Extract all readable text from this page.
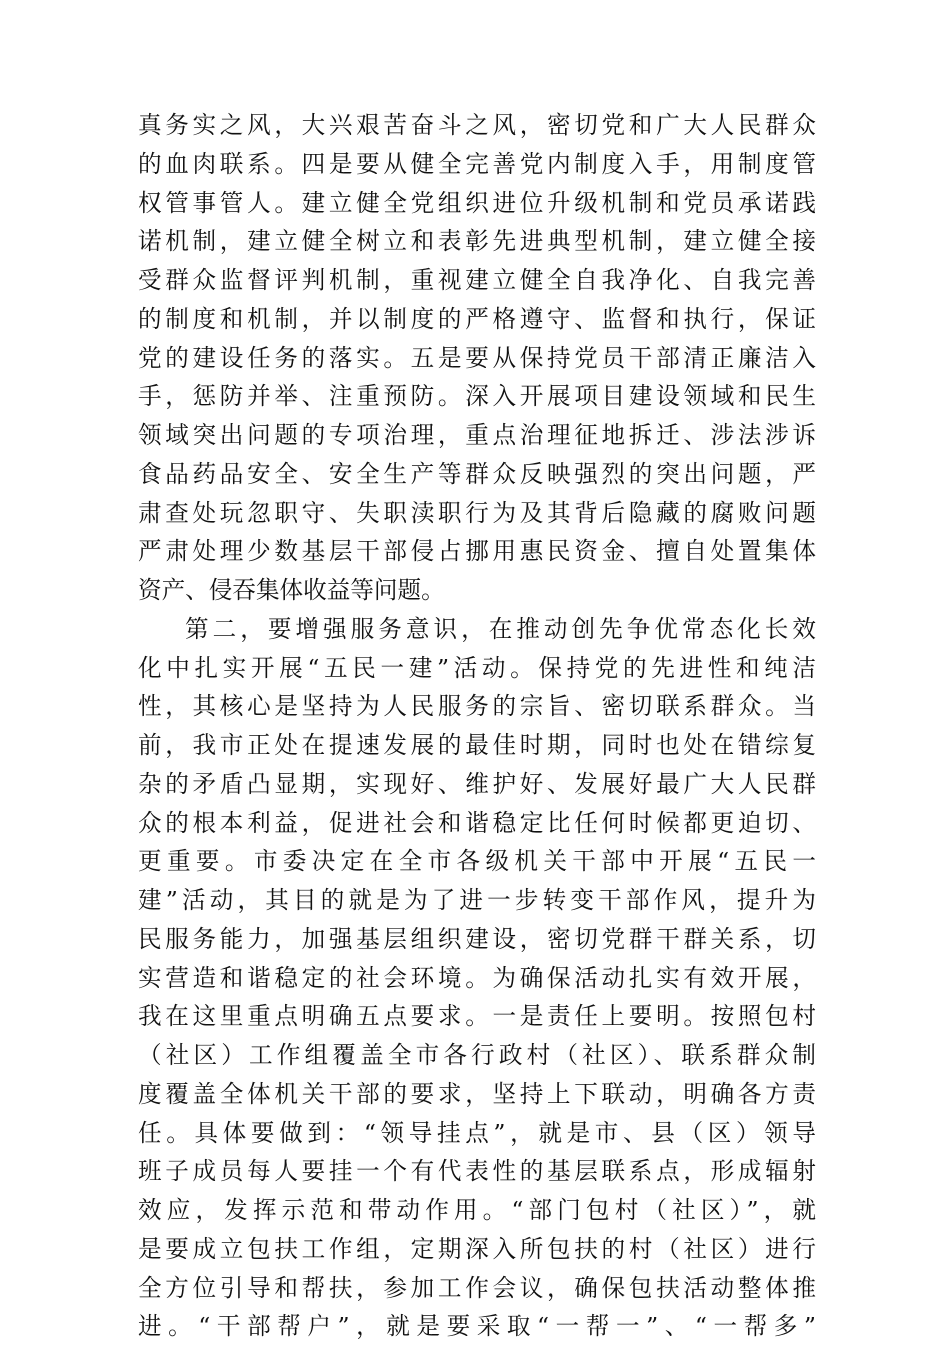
真务实之风，大兴艰苦奋斗之风，密切党和广大人民群众
的血肉联系。四是要从健全完善党内制度入手，用制度管
权管事管人。建立健全党组织进位升级机制和党员承诺践
诺机制，建立健全树立和表彰先进典型机制，建立健全接
受群众监督评判机制，重视建立健全自我净化、自我完善
的制度和机制，并以制度的严格遵守、监督和执行，保证
党的建设任务的落实。五是要从保持党员干部清正廉洁入
手，惩防并举、注重预防。深入开展项目建设领域和民生
领域突出问题的专项治理，重点治理征地拆迁、涉法涉诉
食品药品安全、安全生产等群众反映强烈的突出问题，严
肃查处玩忽职守、失职渎职行为及其背后隐藏的腐败问题
严肃处理少数基层干部侵占挪用惠民资金、擅自处置集体
资产、侵吞集体收益等问题。
第二，要增强服务意识，在推动创先争优常态化长效
化中扎实开展“五民一建”活动。保持党的先进性和纯洁
性，其核心是坚持为人民服务的宗旨、密切联系群众。当
前，我市正处在提速发展的最佳时期，同时也处在错综复
杂的矛盾凸显期，实现好、维护好、发展好最广大人民群
众的根本利益，促进社会和谐稳定比任何时候都更迫切、
更重要。市委决定在全市各级机关干部中开展“五民一
建”活动，其目的就是为了进一步转变干部作风，提升为
民服务能力，加强基层组织建设，密切党群干群关系，切
实营造和谐稳定的社会环境。为确保活动扎实有效开展，
我在这里重点明确五点要求。一是责任上要明。按照包村
（社区）工作组覆盖全市各行政村（社区）、联系群众制
度覆盖全体机关干部的要求，坚持上下联动，明确各方责
任。具体要做到：“领导挂点”，就是市、县（区）领导
班子成员每人要挂一个有代表性的基层联系点，形成辐射
效应，发挥示范和带动作用。“部门包村（社区）”，就
是要成立包扶工作组，定期深入所包扶的村（社区）进行
全方位引导和帮扶，参加工作会议，确保包扶活动整体推
进。“干部帮户”，就是要采取“一帮一”、“一帮多”
